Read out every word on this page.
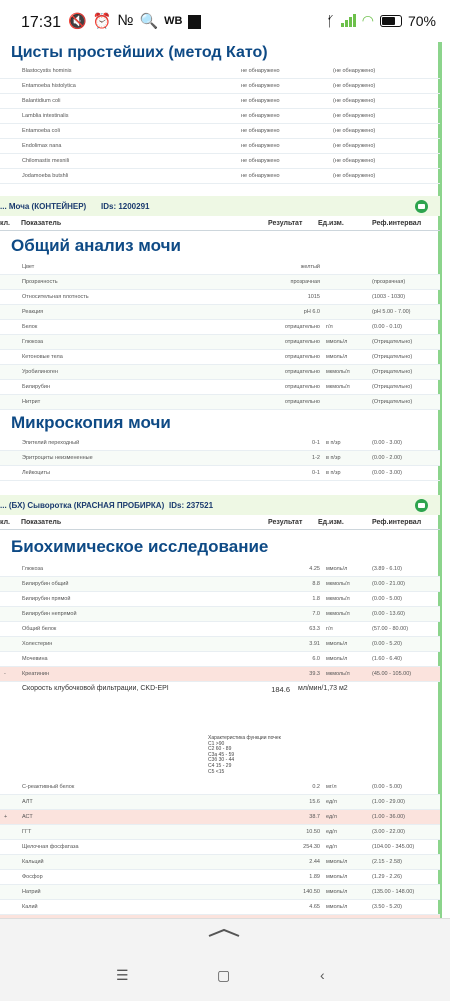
17:31 🔇 ⏰ № 🔍 WB	ᚶ ◠ 70%
Цисты простейших (метод Като)
Blastocystis hominis	не обнаружено	(не обнаружено)
Entamoeba histolytica	не обнаружено	(не обнаружено)
Balantidium coli	не обнаружено	(не обнаружено)
Lamblia intestinalis	не обнаружено	(не обнаружено)
Entamoeba coli	не обнаружено	(не обнаружено)
Endolimax nana	не обнаружено	(не обнаружено)
Chilomastix mesnili	не обнаружено	(не обнаружено)
Jodamoeba butshli	не обнаружено	(не обнаружено)
... Моча (КОНТЕЙНЕР) IDs: 1200291
кл.	Показатель	Результат	Ед.изм.	Реф.интервал
Общий анализ мочи
Цвет	желтый
Прозрачность	прозрачная	(прозрачная)
Относительная плотность	1015	(1003 - 1030)
Реакция	pH 6.0	(pH 5.00 - 7.00)
Белок	отрицательно	г/л	(0.00 - 0.10)
Глюкоза	отрицательно	ммоль/л	(Отрицательно)
Кетоновые тела	отрицательно	ммоль/л	(Отрицательно)
Уробилиноген	отрицательно	мкмоль/л	(Отрицательно)
Билирубин	отрицательно	мкмоль/л	(Отрицательно)
Нитрит	отрицательно	(Отрицательно)
Микроскопия мочи
Эпителий переходный	0-1	в п/зр	(0.00 - 3.00)
Эритроциты неизмененные	1-2	в п/зр	(0.00 - 2.00)
Лейкоциты	0-1	в п/зр	(0.00 - 3.00)
... (БХ) Сыворотка (КРАСНАЯ ПРОБИРКА) IDs: 237521
кл.	Показатель	Результат	Ед.изм.	Реф.интервал
Биохимическое исследование
Глюкоза	4.25	ммоль/л	(3.89 - 6.10)
Билирубин общий	8.8	мкмоль/л	(0.00 - 21.00)
Билирубин прямой	1.8	мкмоль/л	(0.00 - 5.00)
Билирубин непрямой	7.0	мкмоль/л	(0.00 - 13.60)
Общий белок	63.3	г/л	(57.00 - 80.00)
Холестерин	3.91	ммоль/л	(0.00 - 5.20)
Мочевина	6.0	ммоль/л	(1.60 - 6.40)
-	Креатинин	39.3	мкмоль/л	(45.00 - 105.00)
Скорость клубочковой фильтрации, CKD-EPI	184.6	мл/мин/1,73 м2
Характеристика функции почек
С1 >90
С2 60 - 89
С3а 45 - 59
С3б 30 - 44
С4 15 - 29
С5 <15
С-реактивный белок	0.2	мг/л	(0.00 - 5.00)
АЛТ	15.6	ед/л	(1.00 - 29.00)
+	АСТ	38.7	ед/л	(1.00 - 36.00)
ГГТ	10.50	ед/л	(3.00 - 22.00)
Щелочная фосфатаза	254.30	ед/л	(104.00 - 345.00)
Кальций	2.44	ммоль/л	(2.15 - 2.58)
Фосфор	1.89	ммоль/л	(1.29 - 2.26)
Натрий	140.50	ммоль/л	(135.00 - 148.00)
Калий	4.65	ммоль/л	(3.50 - 5.20)
☰	▢	‹
